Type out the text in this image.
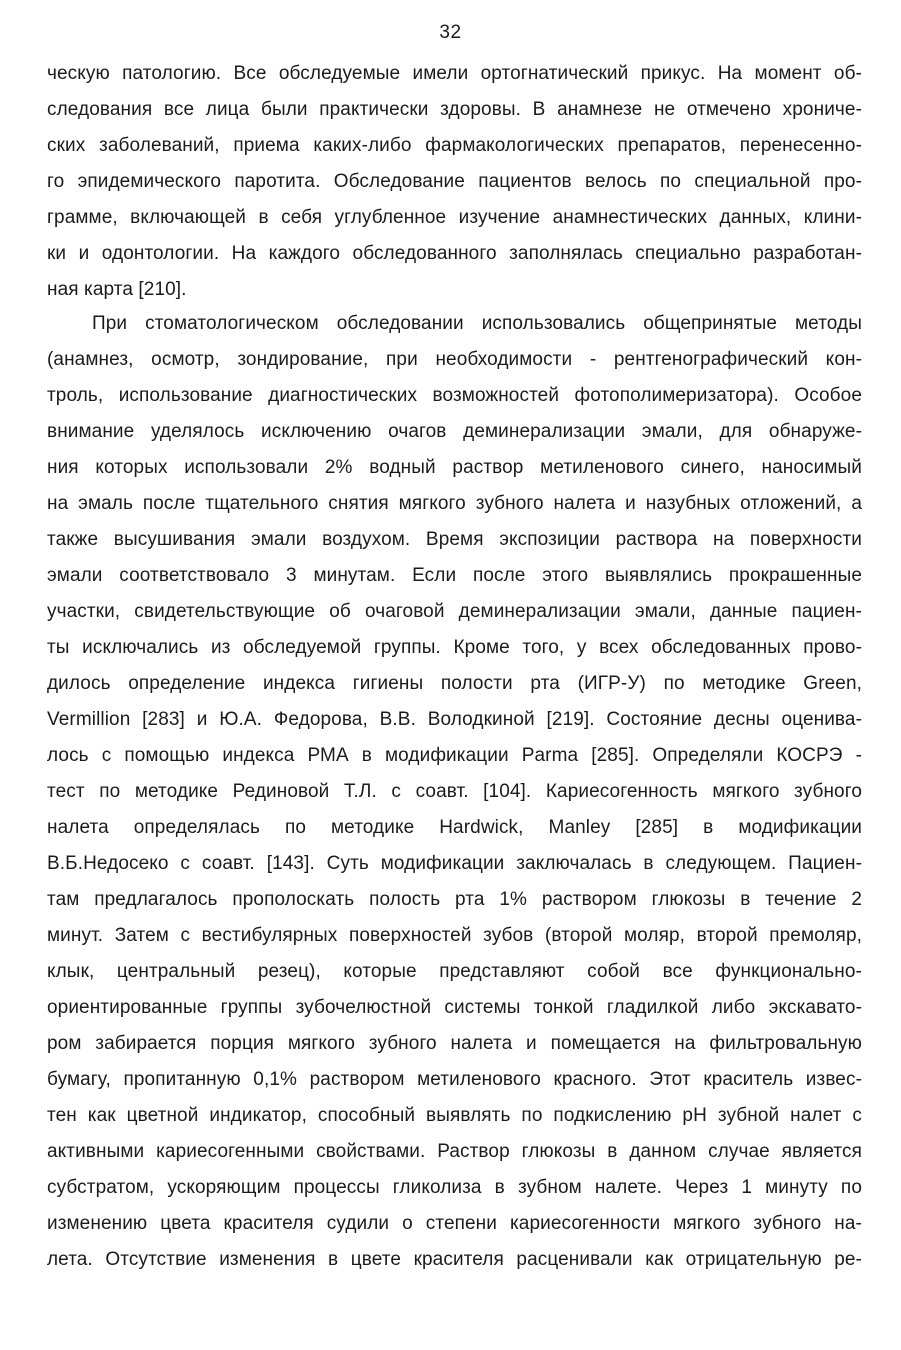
32
ческую патологию. Все обследуемые имели ортогнатический прикус. На момент об-
следования все лица были практически здоровы. В анамнезе не отмечено хрониче-
ских заболеваний, приема каких-либо фармакологических препаратов, перенесенно-
го эпидемического паротита. Обследование пациентов велось по специальной про-
грамме, включающей в себя углубленное изучение анамнестических данных, клини-
ки и одонтологии. На каждого обследованного заполнялась специально разработан-
ная карта [210].
При стоматологическом обследовании использовались общепринятые методы
(анамнез, осмотр, зондирование, при необходимости - рентгенографический кон-
троль, использование диагностических возможностей фотополимеризатора). Особое
внимание уделялось исключению очагов деминерализации эмали, для обнаруже-
ния которых использовали 2% водный раствор метиленового синего, наносимый
на эмаль после тщательного снятия мягкого зубного налета и назубных отложений, а
также высушивания эмали воздухом. Время экспозиции раствора на поверхности
эмали соответствовало 3 минутам. Если после этого выявлялись прокрашенные
участки, свидетельствующие об очаговой деминерализации эмали, данные пациен-
ты исключались из обследуемой группы. Кроме того, у всех обследованных прово-
дилось определение индекса гигиены полости рта (ИГР-У) по методике Green,
Vermillion [283] и Ю.А. Федорова, В.В. Володкиной [219]. Состояние десны оценива-
лось с помощью индекса РМА в модификации Parma [285]. Определяли КОСРЭ -
тест по методике Рединовой Т.Л. с соавт. [104]. Кариесогенность мягкого зубного
налета определялась по методике Hardwick, Manley [285] в модификации
В.Б.Недосеко с соавт. [143]. Суть модификации заключалась в следующем. Пациен-
там предлагалось прополоскать полость рта 1% раствором глюкозы в течение 2
минут. Затем с вестибулярных поверхностей зубов (второй моляр, второй премоляр,
клык, центральный резец), которые представляют собой все функционально-
ориентированные группы зубочелюстной системы тонкой гладилкой либо экскавато-
ром забирается порция мягкого зубного налета и помещается на фильтровальную
бумагу, пропитанную 0,1% раствором метиленового красного. Этот краситель извес-
тен как цветной индикатор, способный выявлять по подкислению pH зубной налет с
активными кариесогенными свойствами. Раствор глюкозы в данном случае является
субстратом, ускоряющим процессы гликолиза в зубном налете. Через 1 минуту по
изменению цвета красителя судили о степени кариесогенности мягкого зубного на-
лета. Отсутствие изменения в цвете красителя расценивали как отрицательную ре-
